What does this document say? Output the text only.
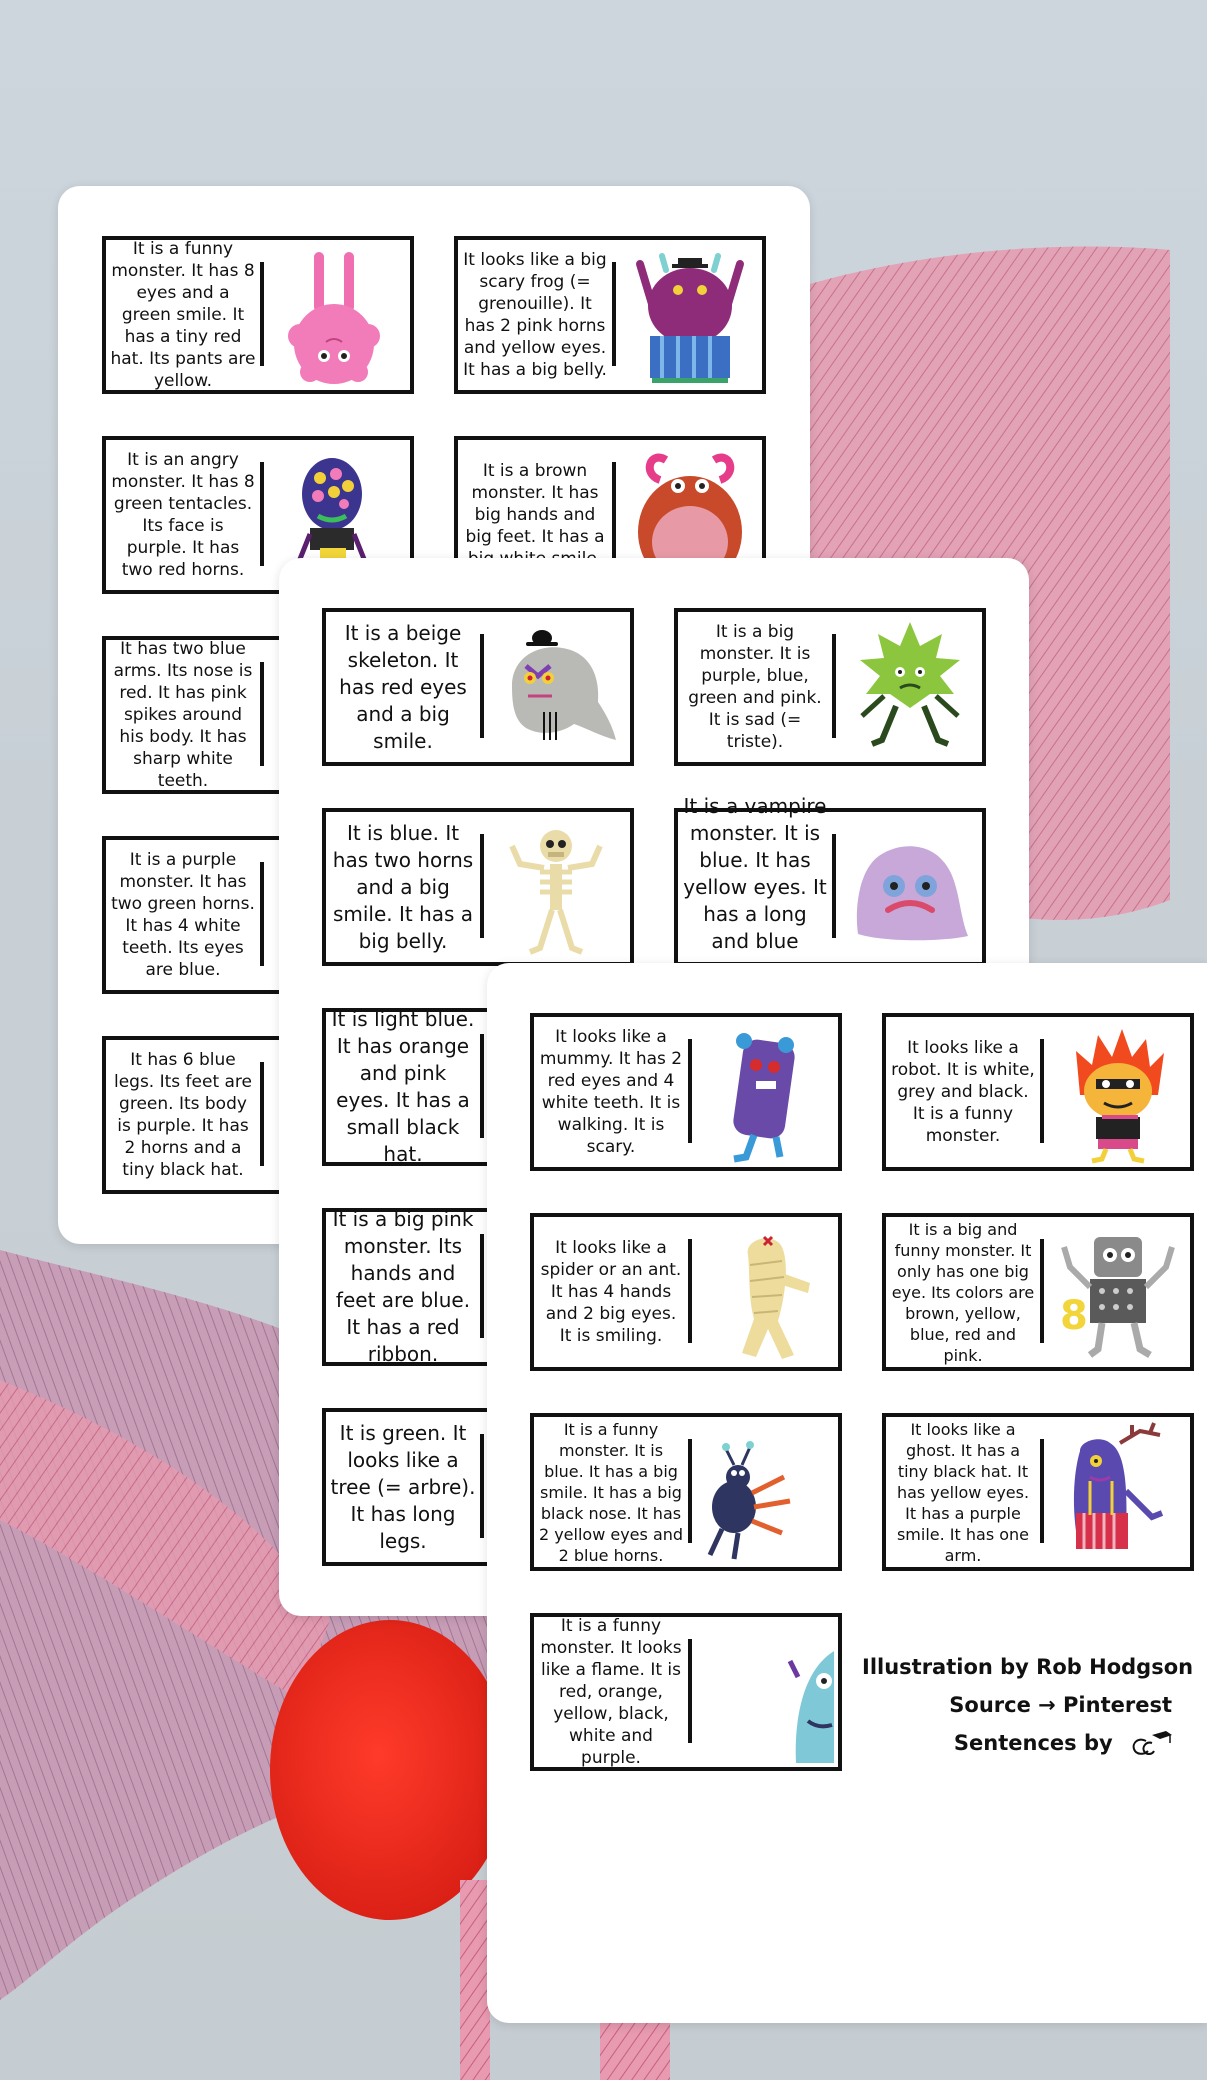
It is a funny monster. It has 8 eyes and a green smile. It has a tiny red hat. Its pants are yellow.
It looks like a big scary frog (= grenouille). It has 2 pink horns and yellow eyes. It has a big belly.
It is an angry monster. It has 8 green tentacles. Its face is purple. It has two red horns.
It is a brown monster. It has big hands and big feet. It has a
It has two blue arms. Its nose is red. It has pink spikes around his body. It has sharp white teeth.
It is a purple monster. It has two green horns. It has 4 white teeth. Its eyes are blue.
It has 6 blue legs. Its feet are green. Its body is purple. It has 2 horns and a tiny black hat.
It is a beige skeleton. It has red eyes and a big smile.
It is a big monster. It is purple, blue, green and pink. It is sad (= triste).
It is blue. It has two horns and a big smile. It has a big belly.
It is a vampire monster. It is blue. It has yellow eyes. It has a long and blue
It is light blue. It has orange and pink eyes. It has a small black hat.
It is a big pink monster. Its hands and feet are blue. It has a red ribbon.
It is green. It looks like a tree (= arbre). It has long legs.
It looks like a mummy. It has 2 red eyes and 4 white teeth. It is walking. It is scary.
It looks like a robot. It is white, grey and black. It is a funny monster.
It looks like a spider or an ant. It has 4 hands and 2 big eyes. It is smiling.
It is a big and funny monster. It only has one big eye. Its colors are brown, yellow, blue, red and pink.
8
It is a funny monster. It is blue. It has a big smile. It has a big black nose. It has 2 yellow eyes and 2 blue horns.
It looks like a ghost. It has a tiny black hat. It has yellow eyes. It has a purple smile. It has one arm.
It is a funny monster. It looks like a flame. It is red, orange, yellow, black, white and purple.
Illustration by Rob Hodgson
Source → Pinterest
Sentences by
